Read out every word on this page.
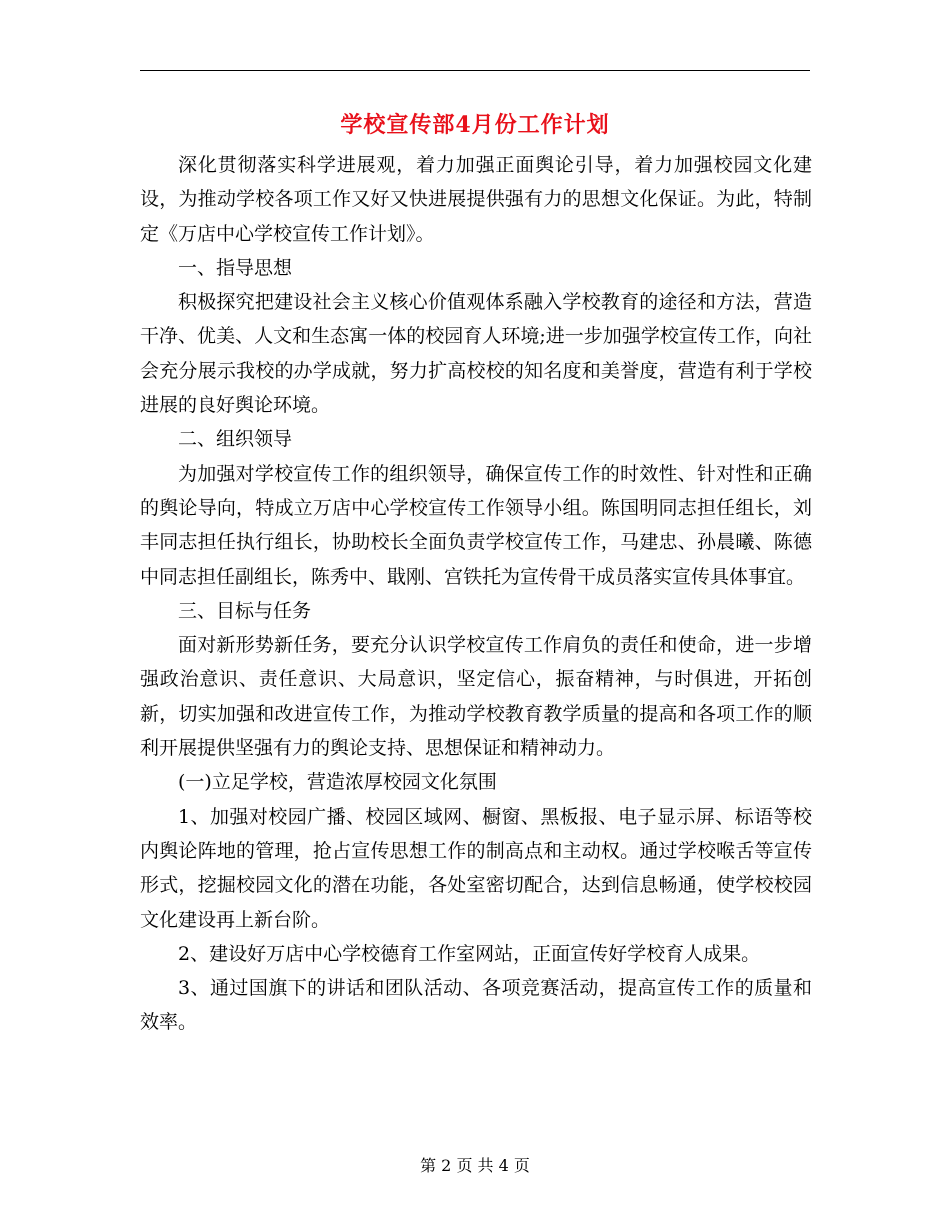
学校宣传部4月份工作计划

深化贯彻落实科学进展观，着力加强正面舆论引导，着力加强校园文化建设，为推动学校各项工作又好又快进展提供强有力的思想文化保证。为此，特制定《万店中心学校宣传工作计划》。

一、指导思想

积极探究把建设社会主义核心价值观体系融入学校教育的途径和方法，营造干净、优美、人文和生态寓一体的校园育人环境;进一步加强学校宣传工作，向社会充分展示我校的办学成就，努力扩高校校的知名度和美誉度，营造有利于学校进展的良好舆论环境。

二、组织领导

为加强对学校宣传工作的组织领导，确保宣传工作的时效性、针对性和正确的舆论导向，特成立万店中心学校宣传工作领导小组。陈国明同志担任组长，刘丰同志担任执行组长，协助校长全面负责学校宣传工作，马建忠、孙晨曦、陈德中同志担任副组长，陈秀中、戢刚、宫铁托为宣传骨干成员落实宣传具体事宜。

三、目标与任务

面对新形势新任务，要充分认识学校宣传工作肩负的责任和使命，进一步增强政治意识、责任意识、大局意识，坚定信心，振奋精神，与时俱进，开拓创新，切实加强和改进宣传工作，为推动学校教育教学质量的提高和各项工作的顺利开展提供坚强有力的舆论支持、思想保证和精神动力。

(一)立足学校，营造浓厚校园文化氛围

1、加强对校园广播、校园区域网、橱窗、黑板报、电子显示屏、标语等校内舆论阵地的管理，抢占宣传思想工作的制高点和主动权。通过学校喉舌等宣传形式，挖掘校园文化的潜在功能，各处室密切配合，达到信息畅通，使学校校园文化建设再上新台阶。

2、建设好万店中心学校德育工作室网站，正面宣传好学校育人成果。

3、通过国旗下的讲话和团队活动、各项竞赛活动，提高宣传工作的质量和效率。

第 2 页 共 4 页
